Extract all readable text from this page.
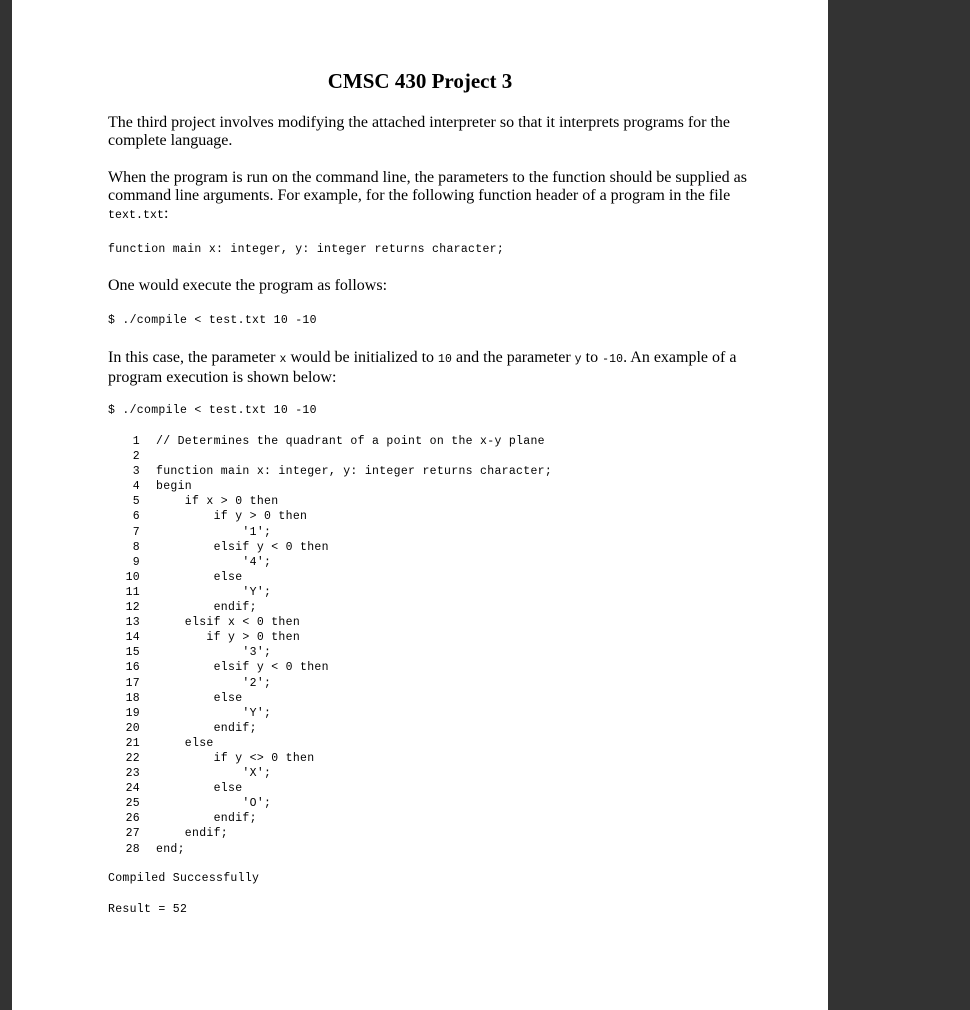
CMSC 430 Project 3

The third project involves modifying the attached interpreter so that it interprets programs for the complete language.

When the program is run on the command line, the parameters to the function should be supplied as command line arguments. For example, for the following function header of a program in the file text.txt:

function main x: integer, y: integer returns character;

One would execute the program as follows:

$ ./compile < test.txt 10 -10

In this case, the parameter x would be initialized to 10 and the parameter y to -10. An example of a program execution is shown below:

$ ./compile < test.txt 10 -10

1 // Determines the quadrant of a point on the x-y plane
2
3 function main x: integer, y: integer returns character;
4 begin
5 if x > 0 then
6 if y > 0 then
7 '1';
8 elsif y < 0 then
9 '4';
10 else
11 'Y';
12 endif;
13 elsif x < 0 then
14 if y > 0 then
15 '3';
16 elsif y < 0 then
17 '2';
18 else
19 'Y';
20 endif;
21 else
22 if y <> 0 then
23 'X';
24 else
25 'O';
26 endif;
27 endif;
28 end;

Compiled Successfully

Result = 52
